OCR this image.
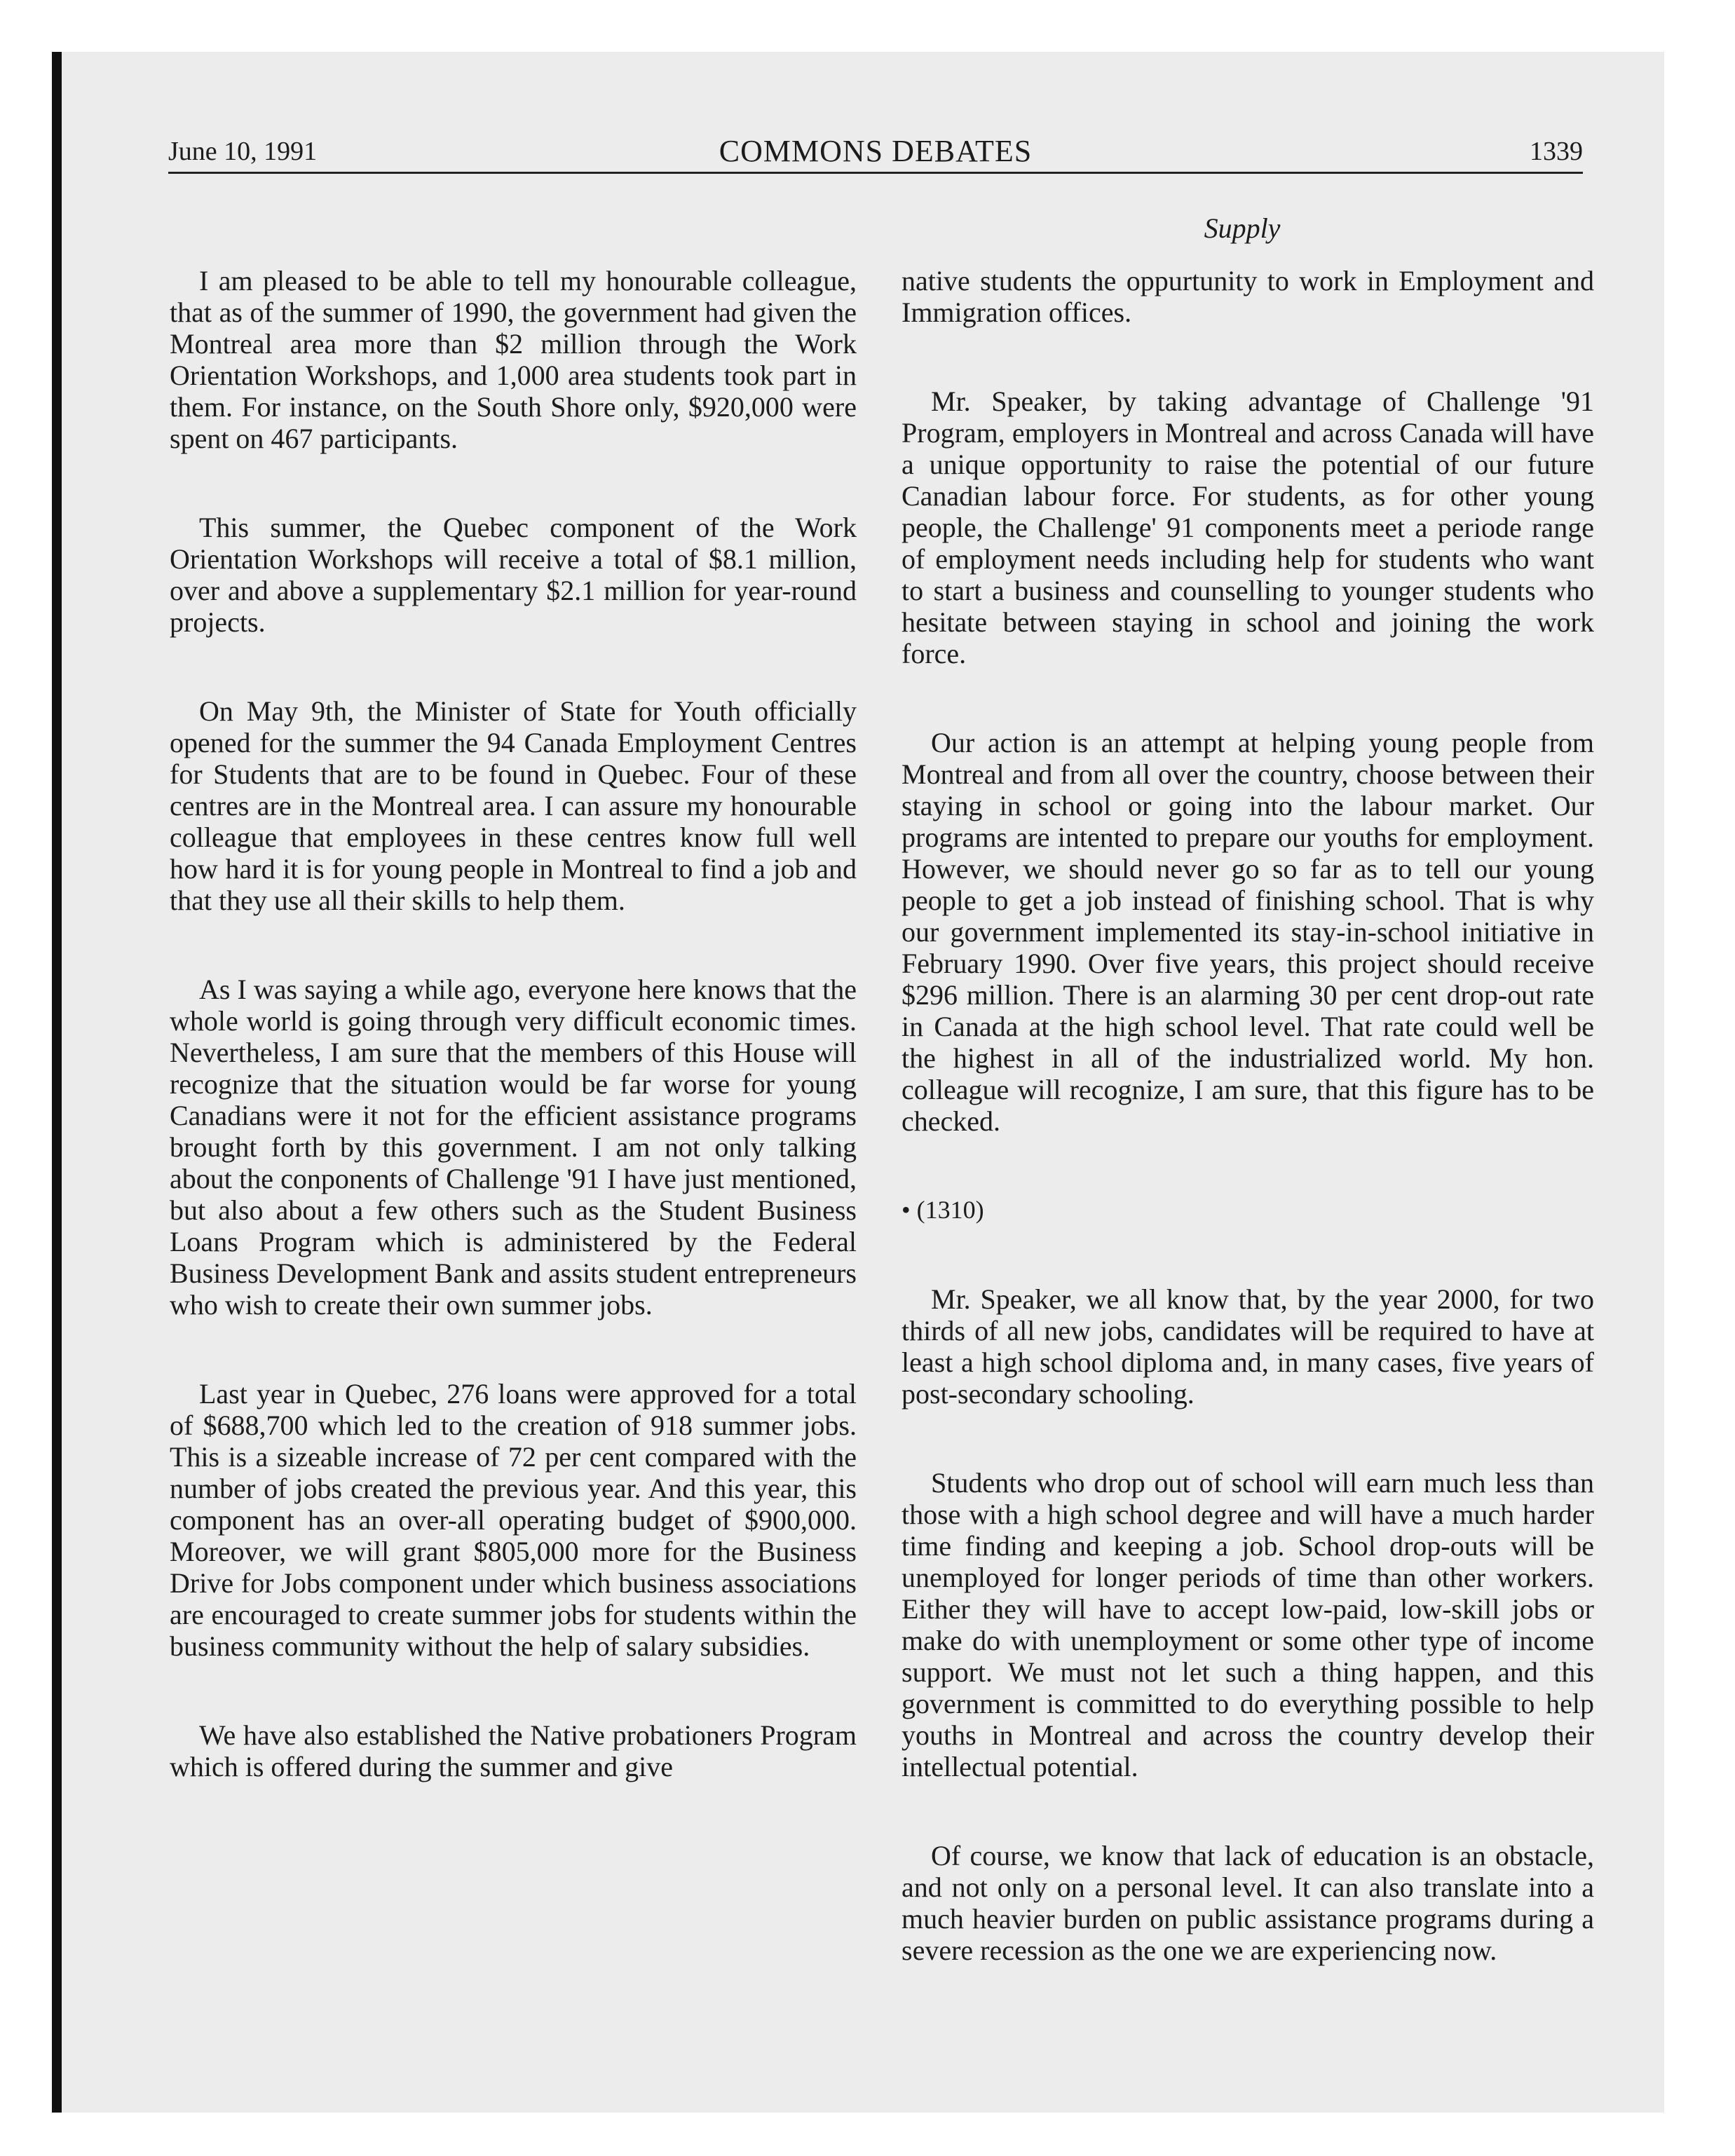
June 10, 1991	COMMONS DEBATES	1339
Supply

I am pleased to be able to tell my honourable colleague, that as of the summer of 1990, the government had given the Montreal area more than $2 million through the Work Orientation Workshops, and 1,000 area students took part in them. For instance, on the South Shore only, $920,000 were spent on 467 participants.

This summer, the Quebec component of the Work Orientation Workshops will receive a total of $8.1 million, over and above a supplementary $2.1 million for year-round projects.

On May 9th, the Minister of State for Youth officially opened for the summer the 94 Canada Employment Centres for Students that are to be found in Quebec. Four of these centres are in the Montreal area. I can assure my honourable colleague that employees in these centres know full well how hard it is for young people in Montreal to find a job and that they use all their skills to help them.

As I was saying a while ago, everyone here knows that the whole world is going through very difficult economic times. Nevertheless, I am sure that the members of this House will recognize that the situation would be far worse for young Canadians were it not for the efficient assistance programs brought forth by this government. I am not only talking about the conponents of Challenge '91 I have just mentioned, but also about a few others such as the Student Business Loans Program which is administered by the Federal Business Development Bank and assits student entrepreneurs who wish to create their own summer jobs.

Last year in Quebec, 276 loans were approved for a total of $688,700 which led to the creation of 918 summer jobs. This is a sizeable increase of 72 per cent compared with the number of jobs created the previous year. And this year, this component has an over-all operating budget of $900,000. Moreover, we will grant $805,000 more for the Business Drive for Jobs component under which business associations are encouraged to create summer jobs for students within the business community without the help of salary subsidies.

We have also established the Native probationers Program which is offered during the summer and give

native students the oppurtunity to work in Employment and Immigration offices.

Mr. Speaker, by taking advantage of Challenge '91 Program, employers in Montreal and across Canada will have a unique opportunity to raise the potential of our future Canadian labour force. For students, as for other young people, the Challenge' 91 components meet a periode range of employment needs including help for students who want to start a business and counselling to younger students who hesitate between staying in school and joining the work force.

Our action is an attempt at helping young people from Montreal and from all over the country, choose between their staying in school or going into the labour market. Our programs are intented to prepare our youths for employment. However, we should never go so far as to tell our young people to get a job instead of finishing school. That is why our government implemented its stay-in-school initiative in February 1990. Over five years, this project should receive $296 million. There is an alarming 30 per cent drop-out rate in Canada at the high school level. That rate could well be the highest in all of the industrialized world. My hon. colleague will recognize, I am sure, that this figure has to be checked.

• (1310)

Mr. Speaker, we all know that, by the year 2000, for two thirds of all new jobs, candidates will be required to have at least a high school diploma and, in many cases, five years of post-secondary schooling.

Students who drop out of school will earn much less than those with a high school degree and will have a much harder time finding and keeping a job. School drop-outs will be unemployed for longer periods of time than other workers. Either they will have to accept low-paid, low-skill jobs or make do with unemployment or some other type of income support. We must not let such a thing happen, and this government is committed to do everything possible to help youths in Montreal and across the country develop their intellectual potential.

Of course, we know that lack of education is an obstacle, and not only on a personal level. It can also translate into a much heavier burden on public assistance programs during a severe recession as the one we are experiencing now.
